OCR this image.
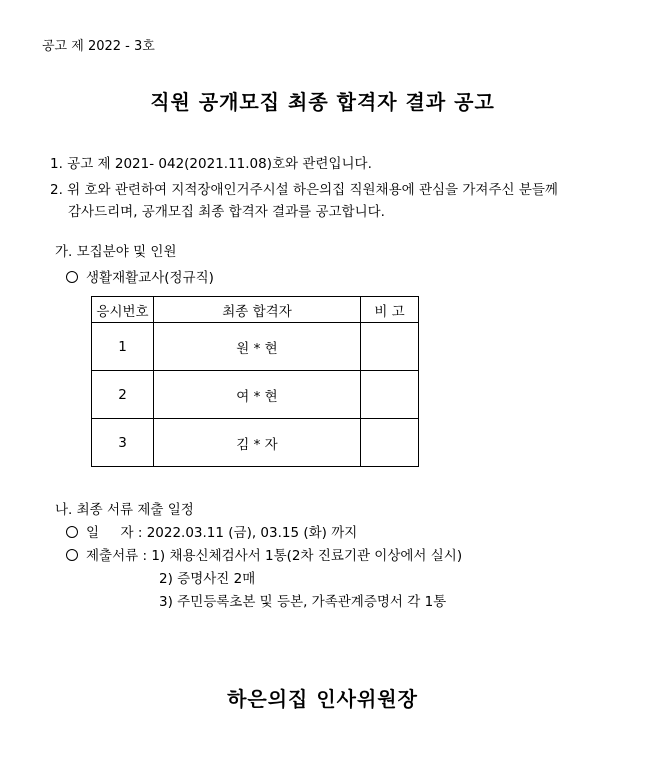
공고 제 2022 - 3호
직원 공개모집 최종 합격자 결과 공고
1. 공고 제 2021- 042(2021.11.08)호와 관련입니다.
2. 위 호와 관련하여 지적장애인거주시설 하은의집 직원채용에 관심을 가져주신 분들께
감사드리며, 공개모집 최종 합격자 결과를 공고합니다.
가. 모집분야 및 인원
생활재활교사(정규직)
응시번호	최종 합격자	비 고
1	원 * 현	
2	여 * 현	
3	김 * 자	
나. 최종 서류 제출 일정
일     자 : 2022.03.11 (금), 03.15 (화) 까지
제출서류 : 1) 채용신체검사서 1통(2차 진료기관 이상에서 실시)
2) 증명사진 2매
3) 주민등록초본 및 등본, 가족관계증명서 각 1통
하은의집 인사위원장
